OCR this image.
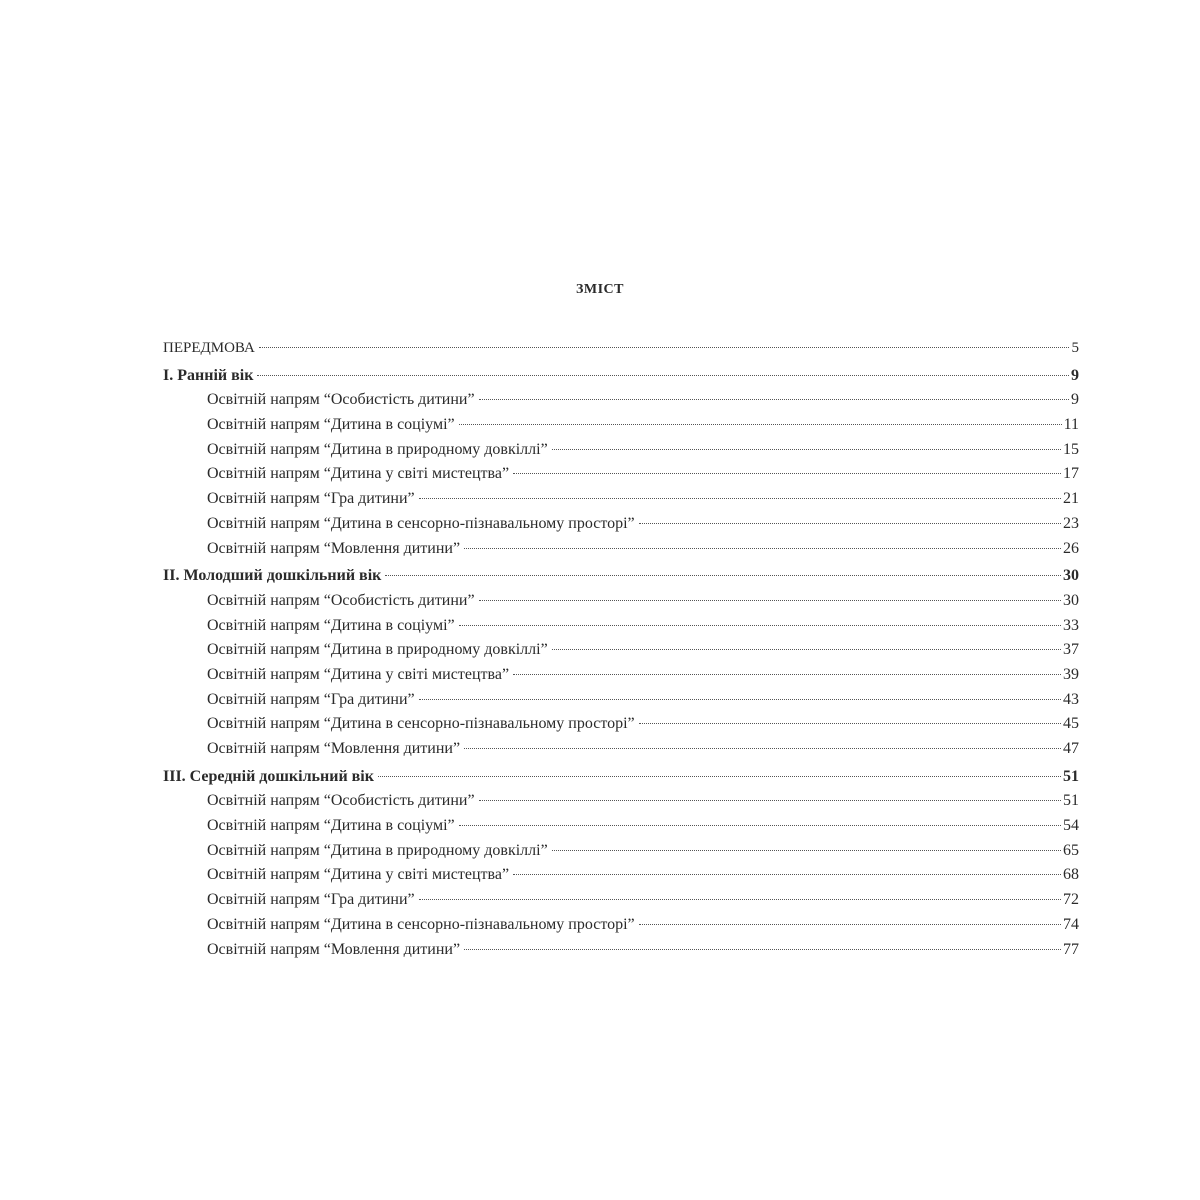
ЗМІСТ
ПЕРЕДМОВА	5
І. Ранній вік	9
Освітній напрям “Особистість дитини”	9
Освітній напрям “Дитина в соціумі”	11
Освітній напрям “Дитина в природному довкіллі”	15
Освітній напрям “Дитина у світі мистецтва”	17
Освітній напрям “Гра дитини”	21
Освітній напрям “Дитина в сенсорно-пізнавальному просторі”	23
Освітній напрям “Мовлення дитини”	26
ІІ. Молодший дошкільний вік	30
Освітній напрям “Особистість дитини”	30
Освітній напрям “Дитина в соціумі”	33
Освітній напрям “Дитина в природному довкіллі”	37
Освітній напрям “Дитина у світі мистецтва”	39
Освітній напрям “Гра дитини”	43
Освітній напрям “Дитина в сенсорно-пізнавальному просторі”	45
Освітній напрям “Мовлення дитини”	47
ІІІ. Середній дошкільний вік	51
Освітній напрям “Особистість дитини”	51
Освітній напрям “Дитина в соціумі”	54
Освітній напрям “Дитина в природному довкіллі”	65
Освітній напрям “Дитина у світі мистецтва”	68
Освітній напрям “Гра дитини”	72
Освітній напрям “Дитина в сенсорно-пізнавальному просторі”	74
Освітній напрям “Мовлення дитини”	77
